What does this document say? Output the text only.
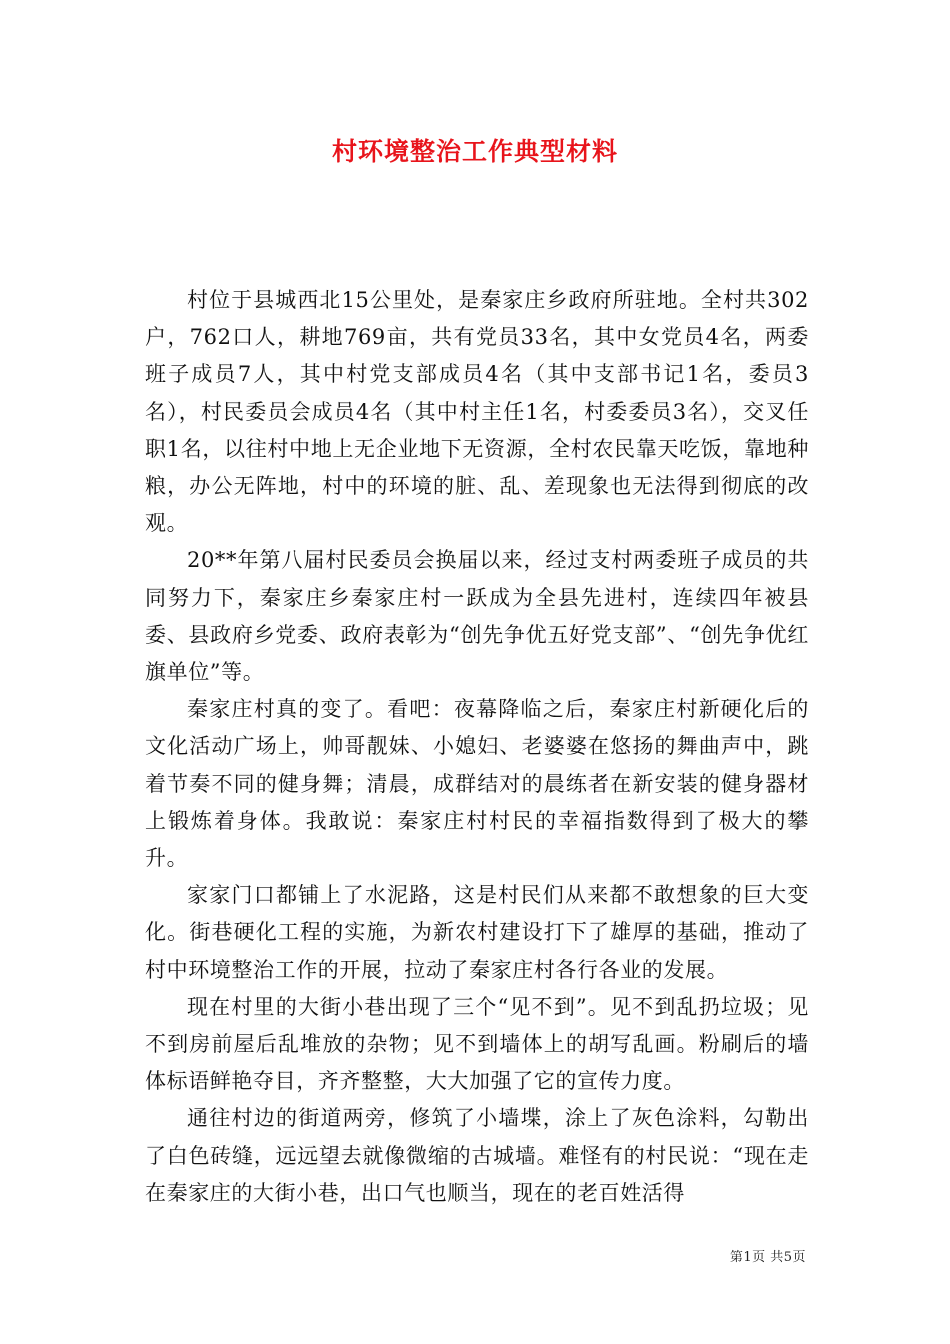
村环境整治工作典型材料

村位于县城西北15公里处，是秦家庄乡政府所驻地。全村共302户，762口人，耕地769亩，共有党员33名，其中女党员4名，两委班子成员7人，其中村党支部成员4名（其中支部书记1名，委员3名），村民委员会成员4名（其中村主任1名，村委委员3名），交叉任职1名，以往村中地上无企业地下无资源，全村农民靠天吃饭，靠地种粮，办公无阵地，村中的环境的脏、乱、差现象也无法得到彻底的改观。

20**年第八届村民委员会换届以来，经过支村两委班子成员的共同努力下，秦家庄乡秦家庄村一跃成为全县先进村，连续四年被县委、县政府乡党委、政府表彰为“创先争优五好党支部”、“创先争优红旗单位”等。

秦家庄村真的变了。看吧：夜幕降临之后，秦家庄村新硬化后的文化活动广场上，帅哥靓妹、小媳妇、老婆婆在悠扬的舞曲声中，跳着节奏不同的健身舞；清晨，成群结对的晨练者在新安装的健身器材上锻炼着身体。我敢说：秦家庄村村民的幸福指数得到了极大的攀升。

家家门口都铺上了水泥路，这是村民们从来都不敢想象的巨大变化。街巷硬化工程的实施，为新农村建设打下了雄厚的基础，推动了村中环境整治工作的开展，拉动了秦家庄村各行各业的发展。

现在村里的大街小巷出现了三个“见不到”。见不到乱扔垃圾；见不到房前屋后乱堆放的杂物；见不到墙体上的胡写乱画。粉刷后的墙体标语鲜艳夺目，齐齐整整，大大加强了它的宣传力度。

通往村边的街道两旁，修筑了小墙堞，涂上了灰色涂料，勾勒出了白色砖缝，远远望去就像微缩的古城墙。难怪有的村民说：“现在走在秦家庄的大街小巷，出口气也顺当，现在的老百姓活得

第1页 共5页
